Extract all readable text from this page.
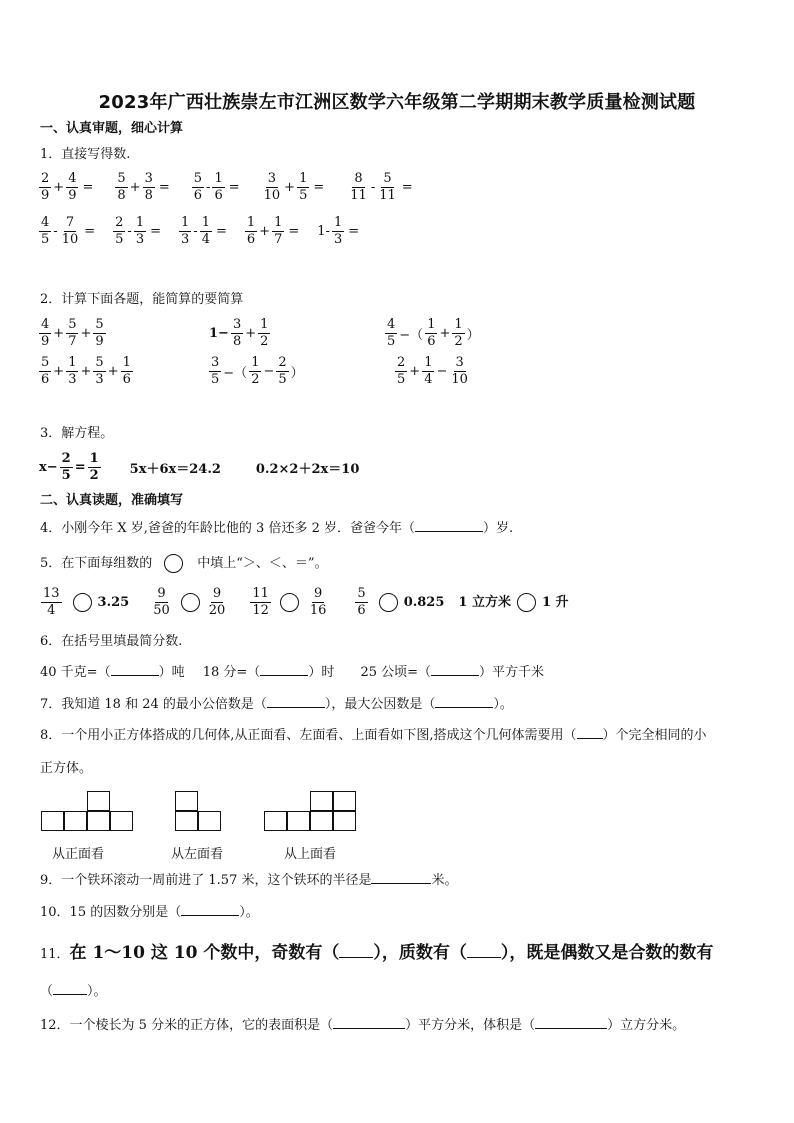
2023年广西壮族崇左市江洲区数学六年级第二学期期末教学质量检测试题
一、认真审题，细心计算
1．直接写得数.
$\frac{2}{9} + \frac{4}{9} = \frac{5}{8} + \frac{3}{8} = \frac{5}{6} - \frac{1}{6} = \frac{3}{10} + \frac{1}{5} = \frac{8}{11} - \frac{5}{11}$ =
$\frac{4}{5} - \frac{7}{10} = \frac{2}{5} - \frac{1}{3} = \frac{1}{3} - \frac{1}{4} = \frac{1}{6} + \frac{1}{7} = 1- \frac{1}{3}$ =
2．计算下面各题，能简算的要简算
$\frac{4}{9} + \frac{5}{7} + \frac{5}{9}$	$1- \frac{3}{8} + \frac{1}{2}$	$\frac{4}{5}$ −（ $\frac{1}{6} + \frac{1}{2}$ ）
$\frac{5}{6} + \frac{1}{3} + \frac{5}{3} + \frac{1}{6}$	$\frac{3}{5}$ −（ $\frac{1}{2} - \frac{2}{5}$ ）	$\frac{2}{5} + \frac{1}{4} - \frac{3}{10}$
3．解方程。
$x- \frac{2}{5} = \frac{1}{2} 5x+6x=24.2$	0.2×2＋2x＝10
二、认真读题，准确填写
4．小刚今年 X 岁,爸爸的年龄比他的 3 倍还多 2 岁．爸爸今年（	）岁.
5．在下面每组数的	中填上“＞、＜、＝”。
$\frac{13}{4}$	$3.25 \frac{9}{50}$	$\frac{9}{20} \frac{11}{12}$	$\frac{9}{16} \frac{5}{6}$	0.825 1 立方米 1 升
6．在括号里填最简分数.
40 千克=（	）吨 18 分=（	）时 25 公顷=（	）平方千米
7．我知道 18 和 24 的最小公倍数是（	），最大公因数是（	）。
8．一个用小正方体搭成的几何体,从正面看、左面看、上面看如下图,搭成这个几何体需要用（ ）个完全相同的小
正方体。
从正面看	从左面看	从上面看
9．一个铁环滚动一周前进了 1.57 米，这个铁环的半径是	米。
10．15 的因数分别是（	）。
11．在 1～10 这 10 个数中，奇数有（ ），质数有（ ），既是偶数又是合数的数有
（	）。
12．一个棱长为 5 分米的正方体，它的表面积是（	）平方分米，体积是（	）立方分米。
